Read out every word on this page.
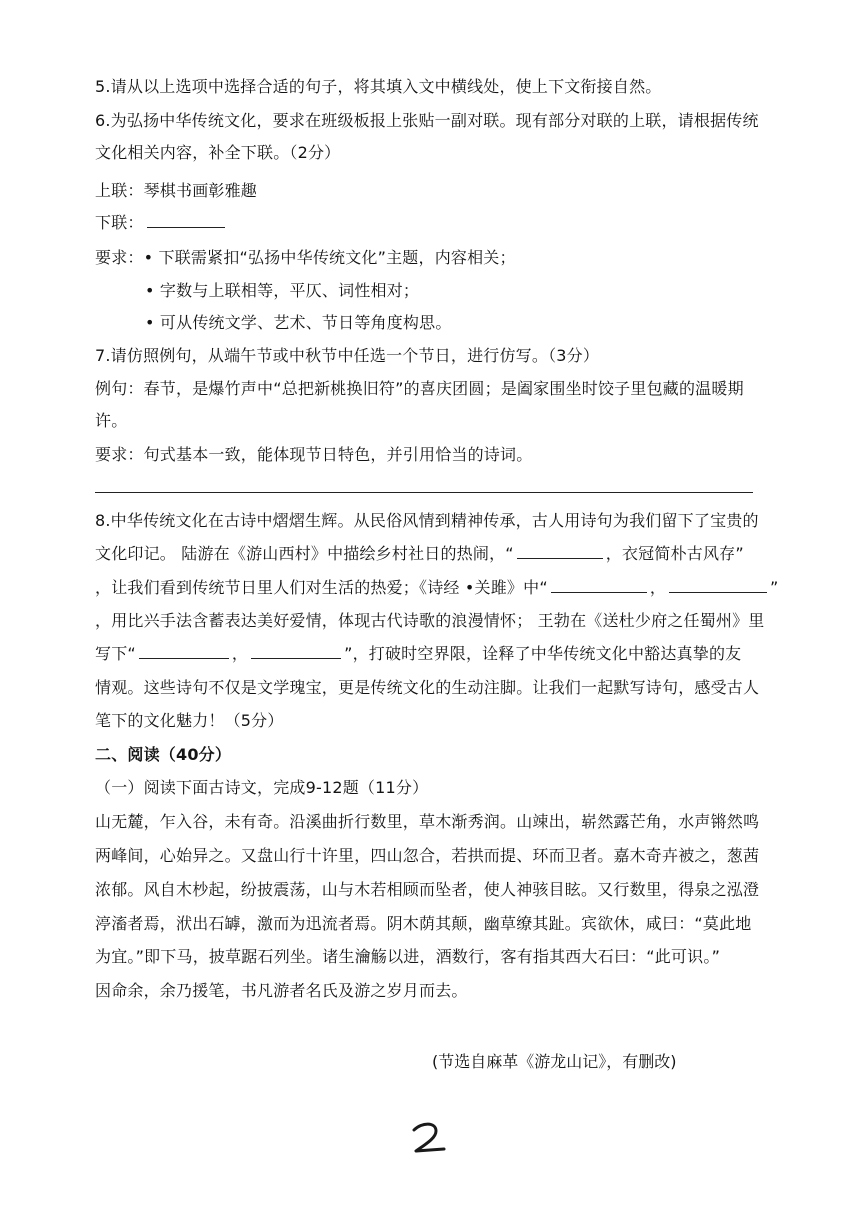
5.请从以上选项中选择合适的句子，将其填入文中横线处，使上下文衔接自然。
6.为弘扬中华传统文化，要求在班级板报上张贴一副对联。现有部分对联的上联，请根据传统
文化相关内容，补全下联。（2分）
上联：琴棋书画彰雅趣
下联：
要求：• 下联需紧扣“弘扬中华传统文化”主题，内容相关；
• 字数与上联相等，平仄、词性相对；
• 可从传统文学、艺术、节日等角度构思。
7.请仿照例句，从端午节或中秋节中任选一个节日，进行仿写。（3分）
例句：春节，是爆竹声中“总把新桃换旧符”的喜庆团圆；是阖家围坐时饺子里包藏的温暖期
许。
要求：句式基本一致，能体现节日特色，并引用恰当的诗词。
8.中华传统文化在古诗中熠熠生辉。从民俗风情到精神传承，古人用诗句为我们留下了宝贵的
文化印记。 陆游在《游山西村》中描绘乡村社日的热闹，“	，衣冠简朴古风存”
，让我们看到传统节日里人们对生活的热爱；《诗经 •关雎》中“	，	”
，用比兴手法含蓄表达美好爱情，体现古代诗歌的浪漫情怀； 王勃在《送杜少府之任蜀州》里
写下“	，	”，打破时空界限，诠释了中华传统文化中豁达真挚的友
情观。这些诗句不仅是文学瑰宝，更是传统文化的生动注脚。让我们一起默写诗句，感受古人
笔下的文化魅力！（5分）
二、阅读（40分）
（一）阅读下面古诗文，完成9-12题（11分）
山无麓，乍入谷，未有奇。沿溪曲折行数里，草木渐秀润。山竦出，崭然露芒角，水声锵然鸣
两峰间，心始异之。又盘山行十许里，四山忽合，若拱而提、环而卫者。嘉木奇卉被之，葱茜
浓郁。风自木杪起，纷披震荡，山与木若相顾而坠者，使人神骇目眩。又行数里，得泉之泓澄
渟滀者焉，洑出石罅，激而为迅流者焉。阴木荫其颠，幽草缭其趾。宾欲休，咸曰：“莫此地
为宜。”即下马，披草踞石列坐。诸生瀹觞以进，酒数行，客有指其西大石曰：“此可识。”
因命余，余乃援笔，书凡游者名氏及游之岁月而去。
(节选自麻革《游龙山记》，有删改)
